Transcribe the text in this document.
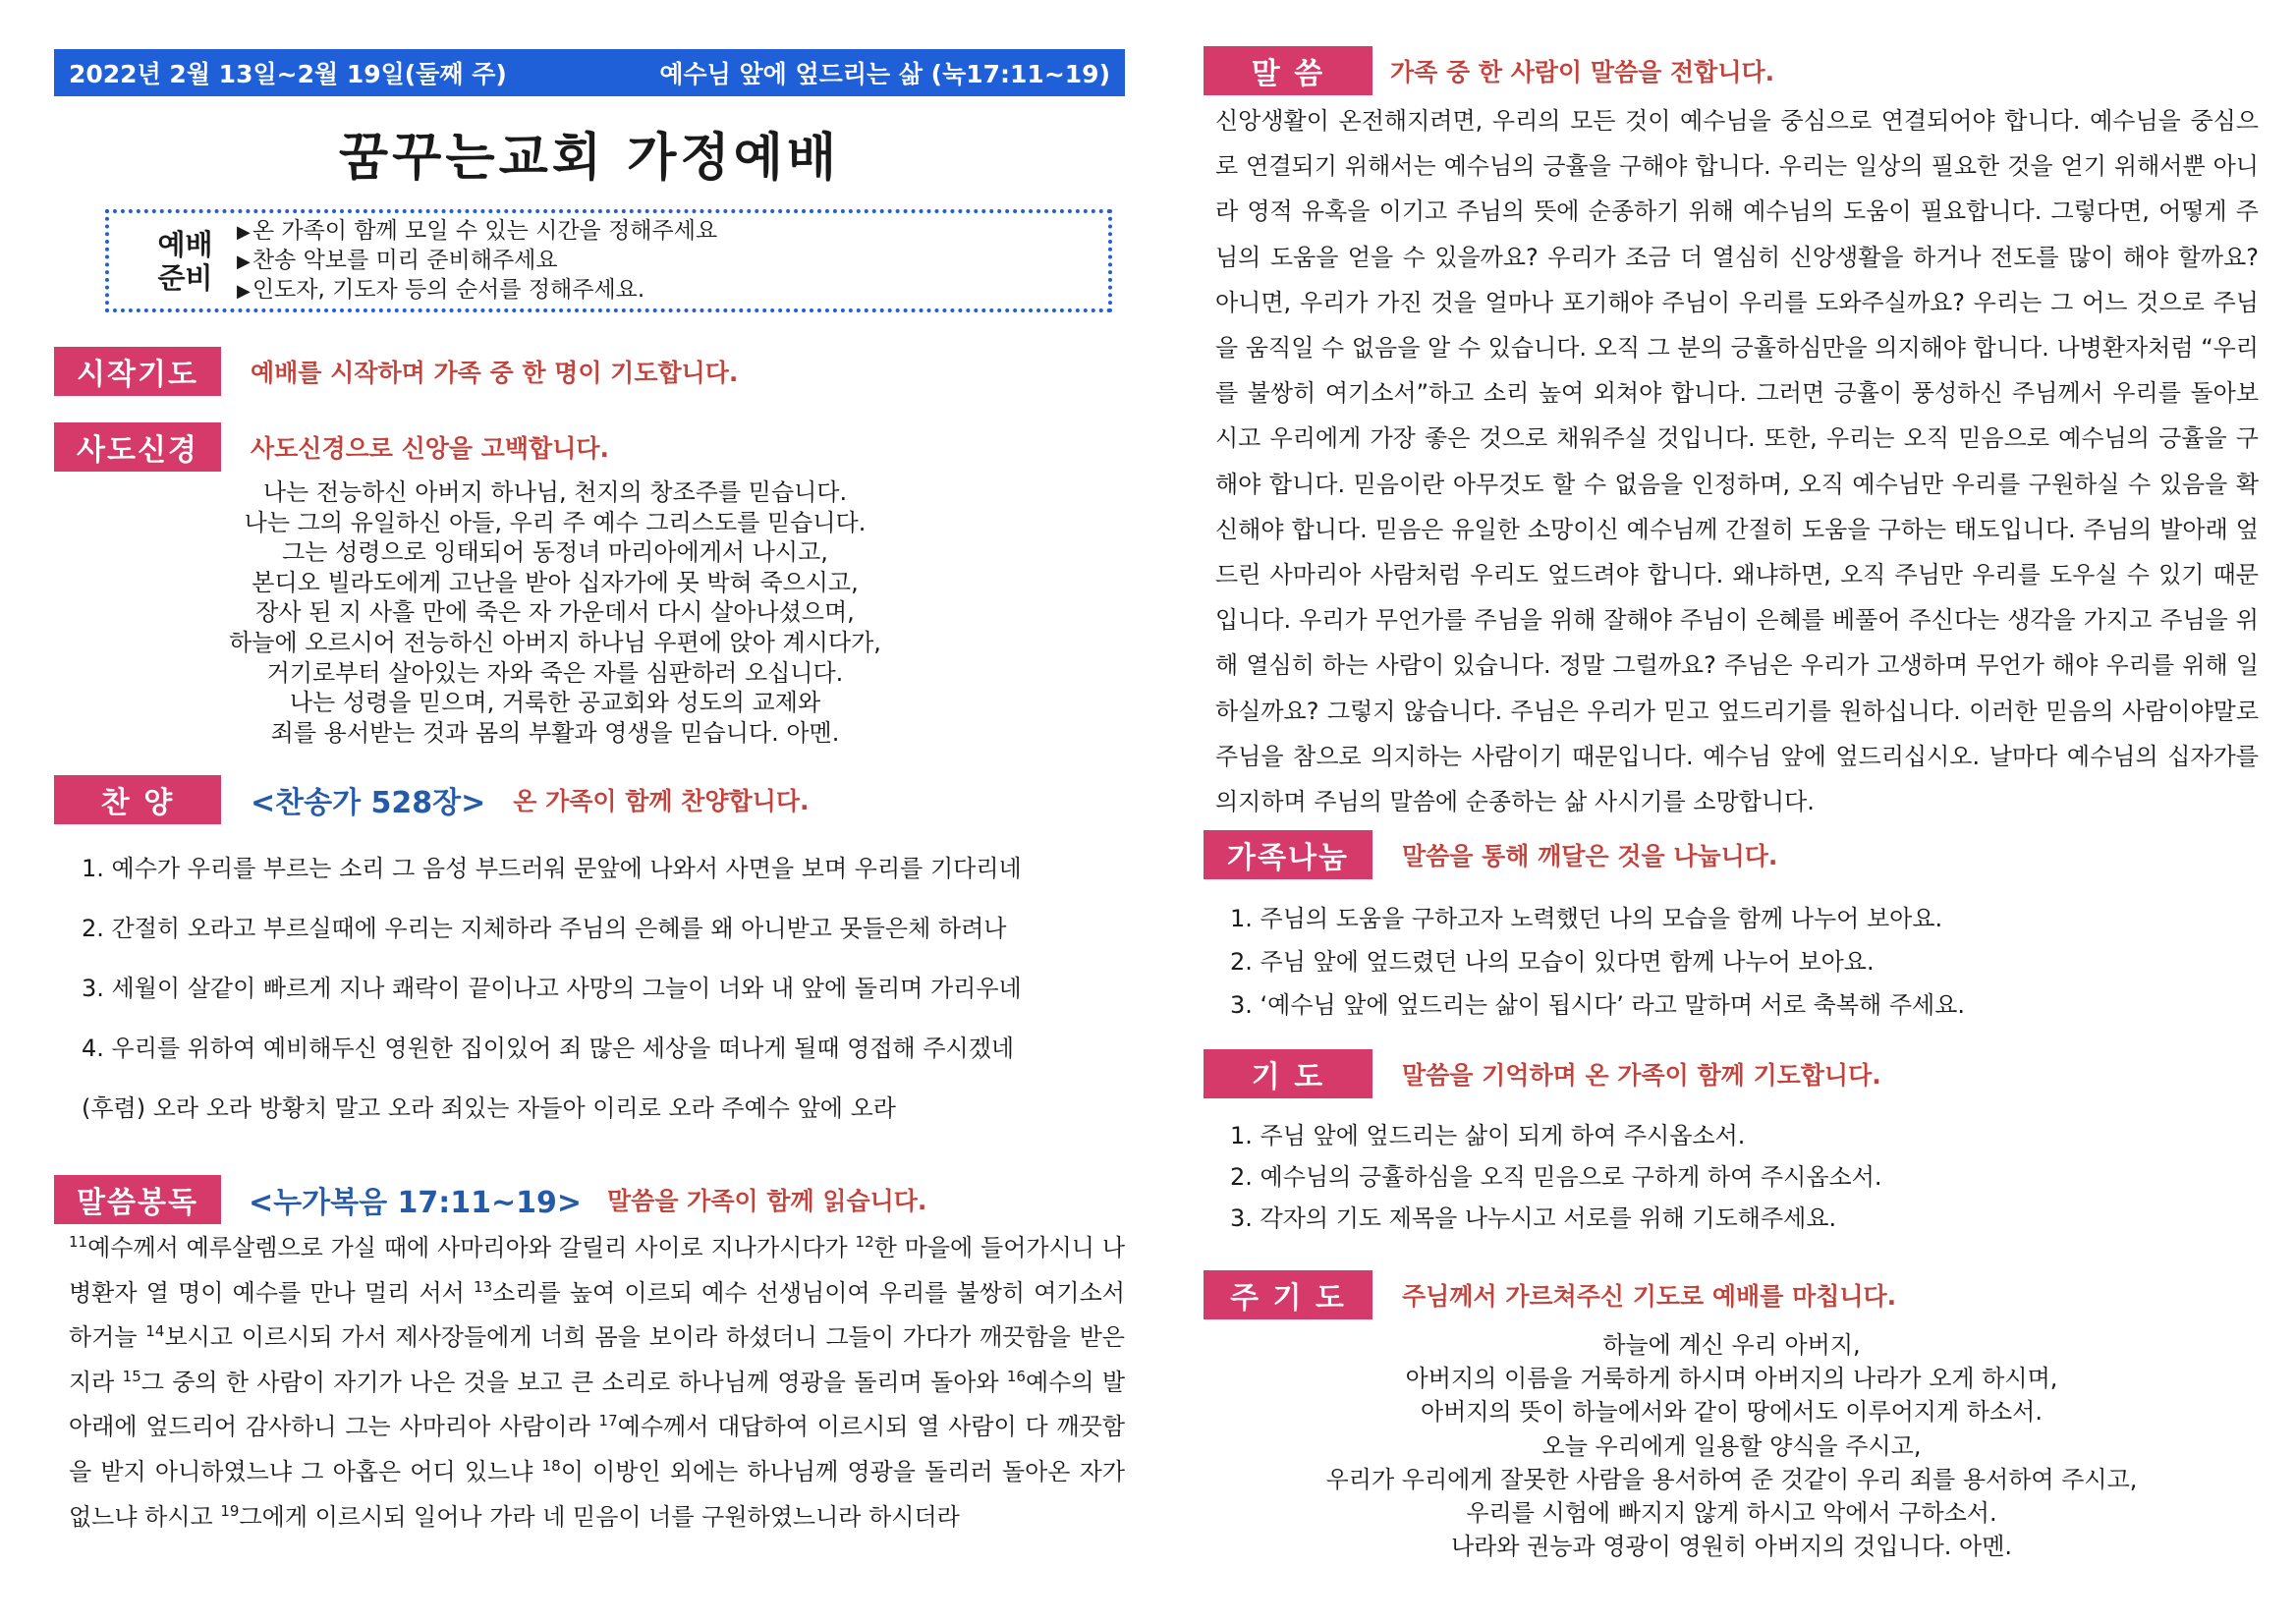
2022년 2월 13일~2월 19일(둘째 주)	예수님 앞에 엎드리는 삶 (눅17:11~19)
꿈꾸는교회 가정예배
예배
준비
▶ 온 가족이 함께 모일 수 있는 시간을 정해주세요
▶ 찬송 악보를 미리 준비해주세요
▶ 인도자, 기도자 등의 순서를 정해주세요.
시작기도	예배를 시작하며 가족 중 한 명이 기도합니다.
사도신경	사도신경으로 신앙을 고백합니다.
나는 전능하신 아버지 하나님, 천지의 창조주를 믿습니다.
나는 그의 유일하신 아들, 우리 주 예수 그리스도를 믿습니다.
그는 성령으로 잉태되어 동정녀 마리아에게서 나시고,
본디오 빌라도에게 고난을 받아 십자가에 못 박혀 죽으시고,
장사 된 지 사흘 만에 죽은 자 가운데서 다시 살아나셨으며,
하늘에 오르시어 전능하신 아버지 하나님 우편에 앉아 계시다가,
거기로부터 살아있는 자와 죽은 자를 심판하러 오십니다.
나는 성령을 믿으며, 거룩한 공교회와 성도의 교제와
죄를 용서받는 것과 몸의 부활과 영생을 믿습니다. 아멘.
찬 양	<찬송가 528장> 온 가족이 함께 찬양합니다.
1. 예수가 우리를 부르는 소리 그 음성 부드러워 문앞에 나와서 사면을 보며 우리를 기다리네
2. 간절히 오라고 부르실때에 우리는 지체하라 주님의 은혜를 왜 아니받고 못들은체 하려나
3. 세월이 살같이 빠르게 지나 쾌락이 끝이나고 사망의 그늘이 너와 내 앞에 돌리며 가리우네
4. 우리를 위하여 예비해두신 영원한 집이있어 죄 많은 세상을 떠나게 될때 영접해 주시겠네
(후렴) 오라 오라 방황치 말고 오라 죄있는 자들아 이리로 오라 주예수 앞에 오라
말씀봉독	<누가복음 17:11~19> 말씀을 가족이 함께 읽습니다.
$^{11}$예수께서 예루살렘으로 가실 때에 사마리아와 갈릴리 사이로 지나가시다가 $^{12}$한 마을에 들어가시니 나병환자 열 명이 예수를 만나 멀리 서서 $^{13}$소리를 높여 이르되 예수 선생님이여 우리를 불쌍히 여기소서 하거늘 $^{14}$보시고 이르시되 가서 제사장들에게 너희 몸을 보이라 하셨더니 그들이 가다가 깨끗함을 받은지라 $^{15}$그 중의 한 사람이 자기가 나은 것을 보고 큰 소리로 하나님께 영광을 돌리며 돌아와 $^{16}$예수의 발 아래에 엎드리어 감사하니 그는 사마리아 사람이라 $^{17}$예수께서 대답하여 이르시되 열 사람이 다 깨끗함을 받지 아니하였느냐 그 아홉은 어디 있느냐 $^{18}$이 이방인 외에는 하나님께 영광을 돌리러 돌아온 자가 없느냐 하시고 $^{19}$그에게 이르시되 일어나 가라 네 믿음이 너를 구원하였느니라 하시더라
말 씀	가족 중 한 사람이 말씀을 전합니다.
신앙생활이 온전해지려면, 우리의 모든 것이 예수님을 중심으로 연결되어야 합니다. 예수님을 중심으로 연결되기 위해서는 예수님의 긍휼을 구해야 합니다. 우리는 일상의 필요한 것을 얻기 위해서뿐 아니라 영적 유혹을 이기고 주님의 뜻에 순종하기 위해 예수님의 도움이 필요합니다. 그렇다면, 어떻게 주님의 도움을 얻을 수 있을까요? 우리가 조금 더 열심히 신앙생활을 하거나 전도를 많이 해야 할까요? 아니면, 우리가 가진 것을 얼마나 포기해야 주님이 우리를 도와주실까요? 우리는 그 어느 것으로 주님을 움직일 수 없음을 알 수 있습니다. 오직 그 분의 긍휼하심만을 의지해야 합니다. 나병환자처럼 “우리를 불쌍히 여기소서”하고 소리 높여 외쳐야 합니다. 그러면 긍휼이 풍성하신 주님께서 우리를 돌아보시고 우리에게 가장 좋은 것으로 채워주실 것입니다. 또한, 우리는 오직 믿음으로 예수님의 긍휼을 구해야 합니다. 믿음이란 아무것도 할 수 없음을 인정하며, 오직 예수님만 우리를 구원하실 수 있음을 확신해야 합니다. 믿음은 유일한 소망이신 예수님께 간절히 도움을 구하는 태도입니다. 주님의 발아래 엎드린 사마리아 사람처럼 우리도 엎드려야 합니다. 왜냐하면, 오직 주님만 우리를 도우실 수 있기 때문입니다. 우리가 무언가를 주님을 위해 잘해야 주님이 은혜를 베풀어 주신다는 생각을 가지고 주님을 위해 열심히 하는 사람이 있습니다. 정말 그럴까요? 주님은 우리가 고생하며 무언가 해야 우리를 위해 일하실까요? 그렇지 않습니다. 주님은 우리가 믿고 엎드리기를 원하십니다. 이러한 믿음의 사람이야말로 주님을 참으로 의지하는 사람이기 때문입니다. 예수님 앞에 엎드리십시오. 날마다 예수님의 십자가를 의지하며 주님의 말씀에 순종하는 삶 사시기를 소망합니다.
가족나눔	말씀을 통해 깨달은 것을 나눕니다.
1. 주님의 도움을 구하고자 노력했던 나의 모습을 함께 나누어 보아요.
2. 주님 앞에 엎드렸던 나의 모습이 있다면 함께 나누어 보아요.
3. ‘예수님 앞에 엎드리는 삶이 됩시다’ 라고 말하며 서로 축복해 주세요.
기 도	말씀을 기억하며 온 가족이 함께 기도합니다.
1. 주님 앞에 엎드리는 삶이 되게 하여 주시옵소서.
2. 예수님의 긍휼하심을 오직 믿음으로 구하게 하여 주시옵소서.
3. 각자의 기도 제목을 나누시고 서로를 위해 기도해주세요.
주 기 도	주님께서 가르쳐주신 기도로 예배를 마칩니다.
하늘에 계신 우리 아버지,
아버지의 이름을 거룩하게 하시며 아버지의 나라가 오게 하시며,
아버지의 뜻이 하늘에서와 같이 땅에서도 이루어지게 하소서.
오늘 우리에게 일용할 양식을 주시고,
우리가 우리에게 잘못한 사람을 용서하여 준 것같이 우리 죄를 용서하여 주시고,
우리를 시험에 빠지지 않게 하시고 악에서 구하소서.
나라와 권능과 영광이 영원히 아버지의 것입니다. 아멘.
